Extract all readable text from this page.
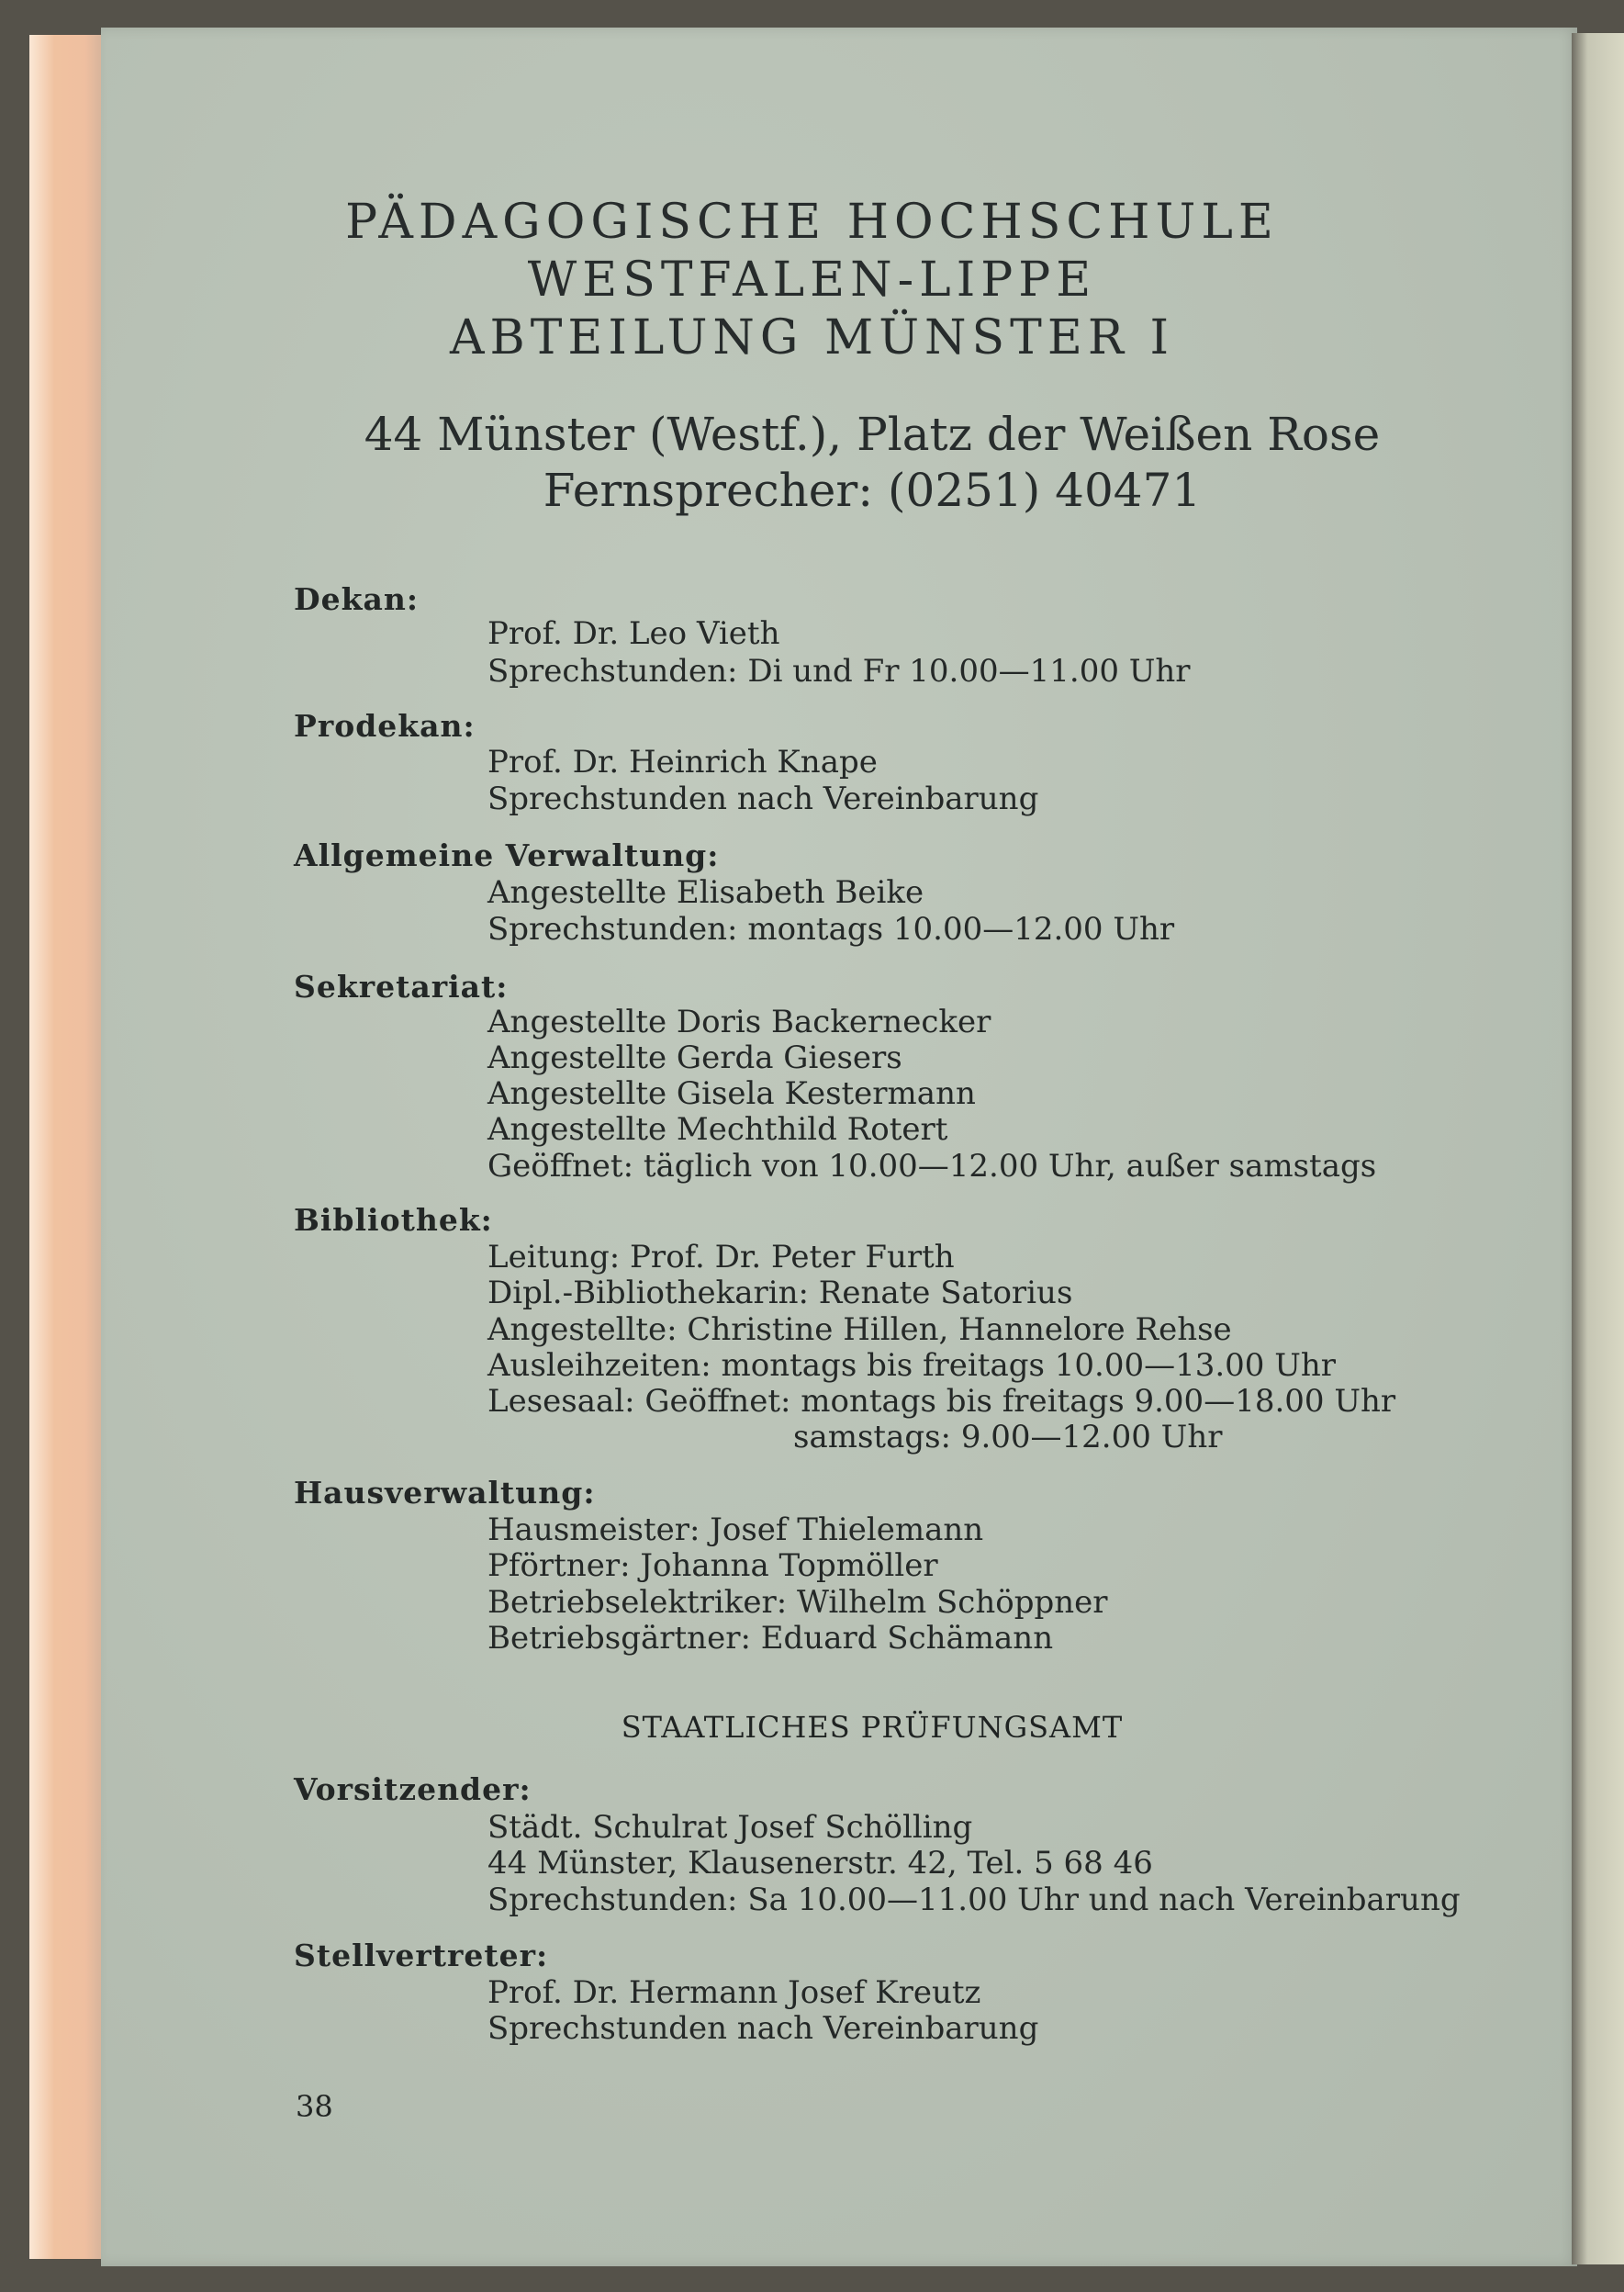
PÄDAGOGISCHE HOCHSCHULE
WESTFALEN-LIPPE
ABTEILUNG MÜNSTER I
44 Münster (Westf.), Platz der Weißen Rose
Fernsprecher: (0251) 40471
Dekan:
Prof. Dr. Leo Vieth
Sprechstunden: Di und Fr 10.00—11.00 Uhr
Prodekan:
Prof. Dr. Heinrich Knape
Sprechstunden nach Vereinbarung
Allgemeine Verwaltung:
Angestellte Elisabeth Beike
Sprechstunden: montags 10.00—12.00 Uhr
Sekretariat:
Angestellte Doris Backernecker
Angestellte Gerda Giesers
Angestellte Gisela Kestermann
Angestellte Mechthild Rotert
Geöffnet: täglich von 10.00—12.00 Uhr, außer samstags
Bibliothek:
Leitung: Prof. Dr. Peter Furth
Dipl.-Bibliothekarin: Renate Satorius
Angestellte: Christine Hillen, Hannelore Rehse
Ausleihzeiten: montags bis freitags 10.00—13.00 Uhr
Lesesaal: Geöffnet: montags bis freitags 9.00—18.00 Uhr
samstags: 9.00—12.00 Uhr
Hausverwaltung:
Hausmeister: Josef Thielemann
Pförtner: Johanna Topmöller
Betriebselektriker: Wilhelm Schöppner
Betriebsgärtner: Eduard Schämann
STAATLICHES PRÜFUNGSAMT
Vorsitzender:
Städt. Schulrat Josef Schölling
44 Münster, Klausenerstr. 42, Tel. 5 68 46
Sprechstunden: Sa 10.00—11.00 Uhr und nach Vereinbarung
Stellvertreter:
Prof. Dr. Hermann Josef Kreutz
Sprechstunden nach Vereinbarung
38
